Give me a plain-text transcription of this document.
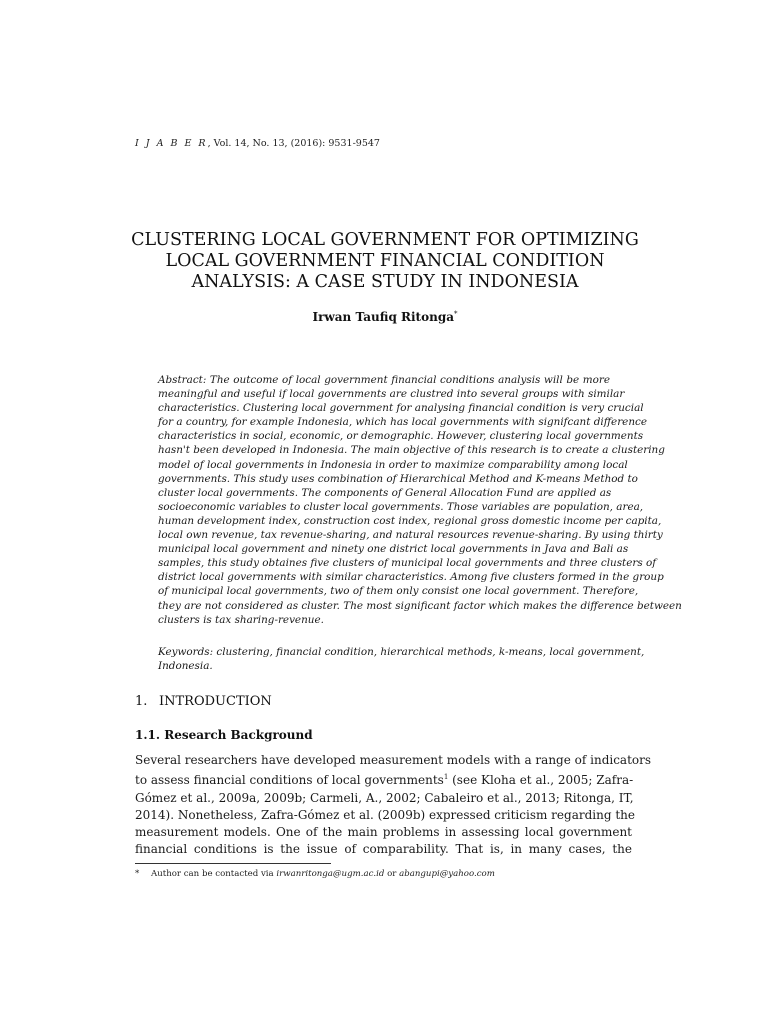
I J A B E R, Vol. 14, No. 13, (2016): 9531-9547
CLUSTERING LOCAL GOVERNMENT FOR OPTIMIZING
LOCAL GOVERNMENT FINANCIAL CONDITION
ANALYSIS: A CASE STUDY IN INDONESIA
Irwan Taufiq Ritonga*

Abstract: The outcome of local government financial conditions analysis will be more
meaningful and useful if local governments are clustred into several groups with similar
characteristics. Clustering local government for analysing financial condition is very crucial
for a country, for example Indonesia, which has local governments with signifcant difference
characteristics in social, economic, or demographic. However, clustering local governments
hasn't been developed in Indonesia. The main objective of this research is to create a clustering
model of local governments in Indonesia in order to maximize comparability among local
governments. This study uses combination of Hierarchical Method and K-means Method to
cluster local governments. The components of General Allocation Fund are applied as
socioeconomic variables to cluster local governments. Those variables are population, area,
human development index, construction cost index, regional gross domestic income per capita,
local own revenue, tax revenue-sharing, and natural resources revenue-sharing. By using thirty
municipal local government and ninety one district local governments in Java and Bali as
samples, this study obtaines five clusters of municipal local governments and three clusters of
district local governments with similar characteristics. Among five clusters formed in the group
of municipal local governments, two of them only consist one local government. Therefore,
they are not considered as cluster. The most significant factor which makes the difference between
clusters is tax sharing-revenue.

Keywords: clustering, financial condition, hierarchical methods, k-means, local government,
Indonesia.

1. INTRODUCTION
1.1. Research Background

Several researchers have developed measurement models with a range of indicators
to assess financial conditions of local governments$^1$ (see Kloha et al., 2005; Zafra-
Gómez et al., 2009a, 2009b; Carmeli, A., 2002; Cabaleiro et al., 2013; Ritonga, IT,
2014). Nonetheless, Zafra-Gómez et al. (2009b) expressed criticism regarding the
measurement models. One of the main problems in assessing local government
financial conditions is the issue of comparability. That is, in many cases, the

* Author can be contacted via irwanritonga@ugm.ac.id or abangupi@yahoo.com
